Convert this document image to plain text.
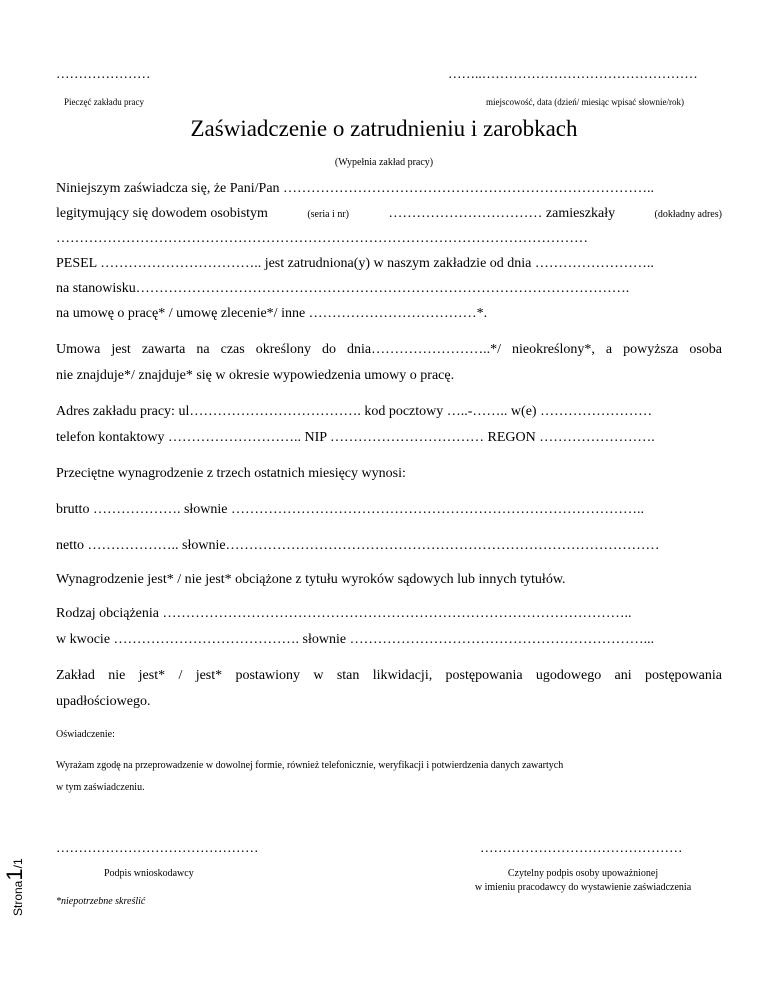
…………………	……..…………………………………………
Pieczęć zakładu pracy	miejscowość, data (dzień/ miesiąc wpisać słownie/rok)
Zaświadczenie o zatrudnieniu i zarobkach
(Wypełnia zakład pracy)
Niniejszym zaświadcza się, że Pani/Pan ……………………………………………………………………..
legitymujący się dowodem osobistym	(seria i nr)	…………………………… zamieszkały	(dokładny adres)
……………………………………………………………………………………………………
PESEL …………………………….. jest zatrudniona(y) w naszym zakładzie od dnia ……………………..
na stanowisku…………………………………………………………………………………………….
na umowę o pracę* / umowę zlecenie*/ inne ………………………………*.
Umowa jest zawarta na czas określony do dnia……………………..*/ nieokreślony*, a powyższa osoba
nie znajduje*/ znajduje* się w okresie wypowiedzenia umowy o pracę.
Adres zakładu pracy: ul………………………………. kod pocztowy …..-…….. w(e) ……………………
telefon kontaktowy ……………………….. NIP …………………………… REGON …………………….
Przeciętne wynagrodzenie z trzech ostatnich miesięcy wynosi:
brutto ………………. słownie ……………………………………………………………………………..
netto ……………….. słownie…………………………………………………………………………………
Wynagrodzenie jest* / nie jest* obciążone z tytułu wyroków sądowych lub innych tytułów.
Rodzaj obciążenia ………………………………………………………………………………………..
w kwocie …………………………………. słownie ………………………………………………………...
Zakład nie jest* / jest* postawiony w stan likwidacji, postępowania ugodowego ani postępowania
upadłościowego.
Oświadczenie:
Wyrażam zgodę na przeprowadzenie w dowolnej formie, również telefonicznie, weryfikacji i potwierdzenia danych zawartych
w tym zaświadczeniu.
………………………………………	………………………………………
Podpis wnioskodawcy	Czytelny podpis osoby upoważnionej
w imieniu pracodawcy do wystawienie zaświadczenia
*niepotrzebne skreślić
Strona1/1
